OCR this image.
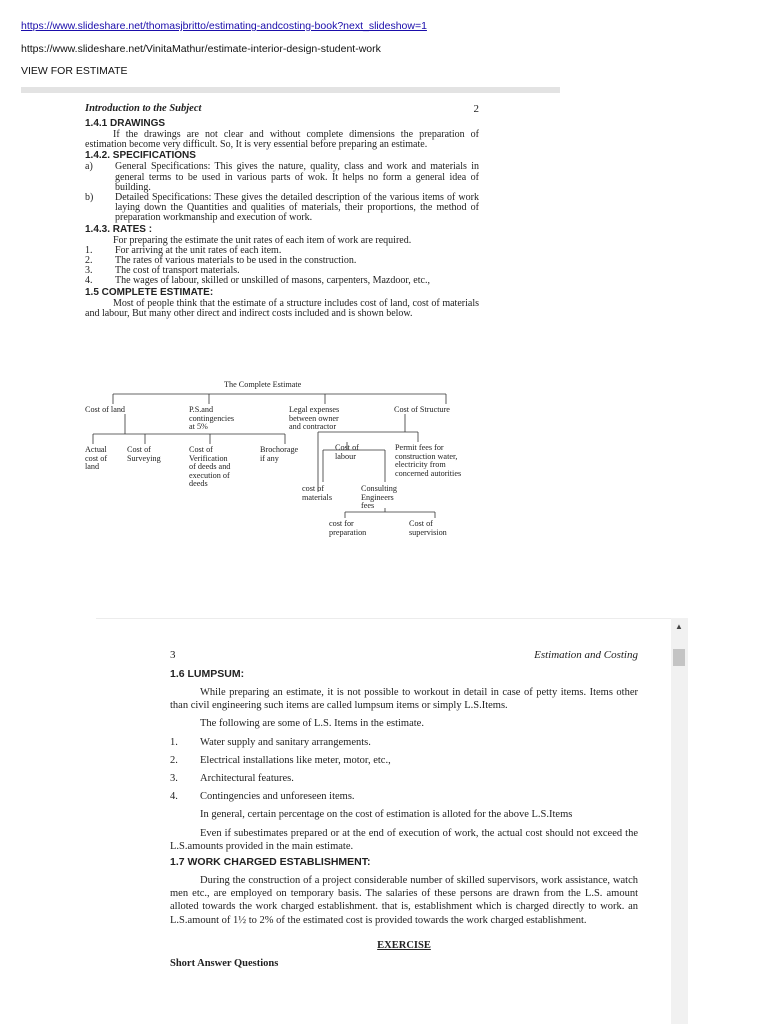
https://www.slideshare.net/thomasjbritto/estimating-andcosting-book?next_slideshow=1
https://www.slideshare.net/VinitaMathur/estimate-interior-design-student-work
VIEW FOR ESTIMATE
Introduction to the Subject	2
1.4.1 DRAWINGS

If the drawings are not clear and without complete dimensions the preparation of estimation become very difficult. So, It is very essential before preparing an estimate.

1.4.2. SPECIFICATIONS
a)	General Specifications: This gives the nature, quality, class and work and materials in general terms to be used in various parts of wok. It helps no form a general idea of building.
b)	Detailed Specifications: These gives the detailed description of the various items of work laying down the Quantities and qualities of materials, their proportions, the method of preparation workmanship and execution of work.
1.4.3. RATES :

For preparing the estimate the unit rates of each item of work are required.

1.	For arriving at the unit rates of each item.
2.	The rates of various materials to be used in the construction.
3.	The cost of transport materials.
4.	The wages of labour, skilled or unskilled of masons, carpenters, Mazdoor, etc.,
1.5 COMPLETE ESTIMATE:

Most of people think that the estimate of a structure includes cost of land, cost of materials and labour, But many other direct and indirect costs included and is shown below.

The Complete Estimate
Cost of land	P.S.and
contingencies
at 5%
Legal expenses
between owner
and contractor
Cost of Structure
Actual
cost of
land
Cost of
Surveying
Cost of
Verification
of deeds and
execution of
deeds
Brochorage
if any
Cost of
labour
Permit fees for
construction water,
electricity from
concerned autorities
cost of
materials
Consulting
Engineers
fees
cost for
preparation
Cost of
supervision
3	Estimation and Costing
1.6 LUMPSUM:

While preparing an estimate, it is not possible to workout in detail in case of petty items. Items other than civil engineering such items are called lumpsum items or simply L.S.Items.

The following are some of L.S. Items in the estimate.

1.	Water supply and sanitary arrangements.
2.	Electrical installations like meter, motor, etc.,
3.	Architectural features.
4.	Contingencies and unforeseen items.

In general, certain percentage on the cost of estimation is alloted for the above L.S.Items

Even if subestimates prepared or at the end of execution of work, the actual cost should not exceed the L.S.amounts provided in the main estimate.

1.7 WORK CHARGED ESTABLISHMENT:

During the construction of a project considerable number of skilled supervisors, work assistance, watch men etc., are employed on temporary basis. The salaries of these persons are drawn from the L.S. amount alloted towards the work charged establishment. that is, establishment which is charged directly to work. an L.S.amount of 1½ to 2% of the estimated cost is provided towards the work charged establishment.

EXERCISE
Short Answer Questions
▲
